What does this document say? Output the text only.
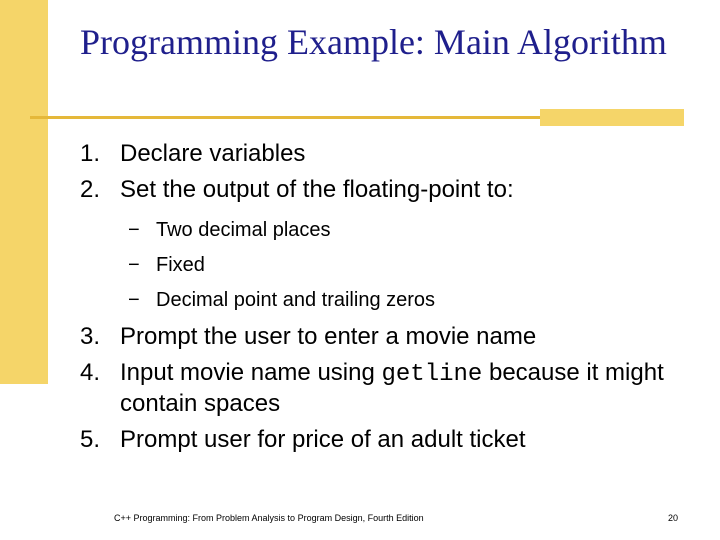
Programming Example: Main Algorithm
1. Declare variables
2. Set the output of the floating-point to:
− Two decimal places
− Fixed
− Decimal point and trailing zeros
3. Prompt the user to enter a movie name
4. Input movie name using getline because it might contain spaces
5. Prompt user for price of an adult ticket
C++ Programming: From Problem Analysis to Program Design, Fourth Edition	20
